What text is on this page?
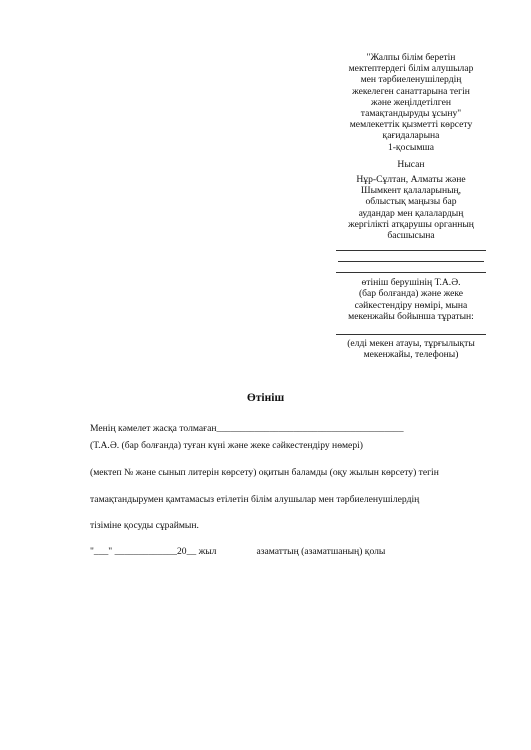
"Жалпы білім беретін
мектептердегі білім алушылар
мен тәрбиеленушілердің
жекелеген санаттарына тегін
және жеңілдетілген
тамақтандыруды ұсыну"
мемлекеттік қызметті көрсету
қағидаларына
1-қосымша
Нысан
Нұр-Сұлтан, Алматы және
Шымкент қалаларының,
облыстық маңызы бар
аудандар мен қалалардың
жергілікті атқарушы органның
басшысына
өтініш берушінің Т.А.Ә.
(бар болғанда) және жеке
сәйкестендіру нөмірі, мына
мекенжайы бойынша тұратын:
(елді мекен атауы, тұрғылықты
мекенжайы, телефоны)
Өтініш
Менің кәмелет жасқа толмаған_______________________________________
(Т.А.Ә. (бар болғанда) туған күні және жеке сәйкестендіру нөмері)
(мектеп № және сынып литерін көрсету) оқитын баламды (оқу жылын көрсету) тегін
тамақтандырумен қамтамасыз етілетін білім алушылар мен тәрбиеленушілердің
тізіміне қосуды сұраймын.
"___" _____________20__ жыл	азаматтың (азаматшаның) қолы
